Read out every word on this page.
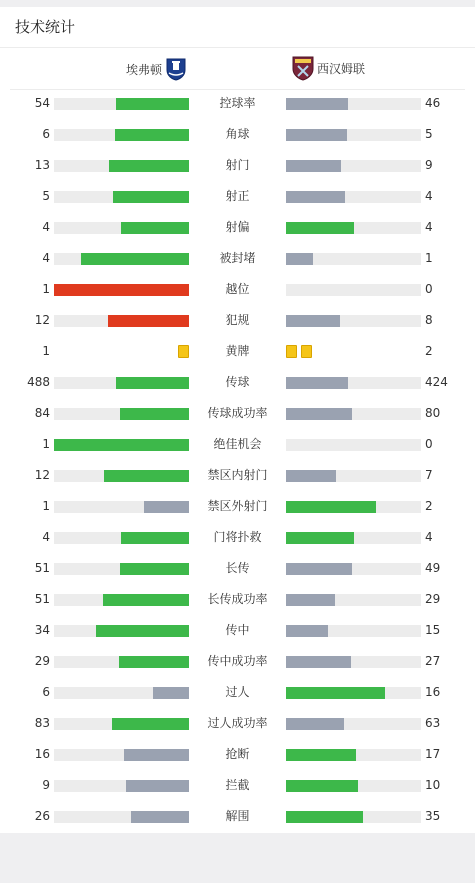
技术统计
埃弗顿	西汉姆联
54	控球率	46
6	角球	5
13	射门	9
5	射正	4
4	射偏	4
4	被封堵	1
1	越位	0
12	犯规	8
1	黄牌	2
488	传球	424
84	传球成功率	80
1	绝佳机会	0
12	禁区内射门	7
1	禁区外射门	2
4	门将扑救	4
51	长传	49
51	长传成功率	29
34	传中	15
29	传中成功率	27
6	过人	16
83	过人成功率	63
16	抢断	17
9	拦截	10
26	解围	35
